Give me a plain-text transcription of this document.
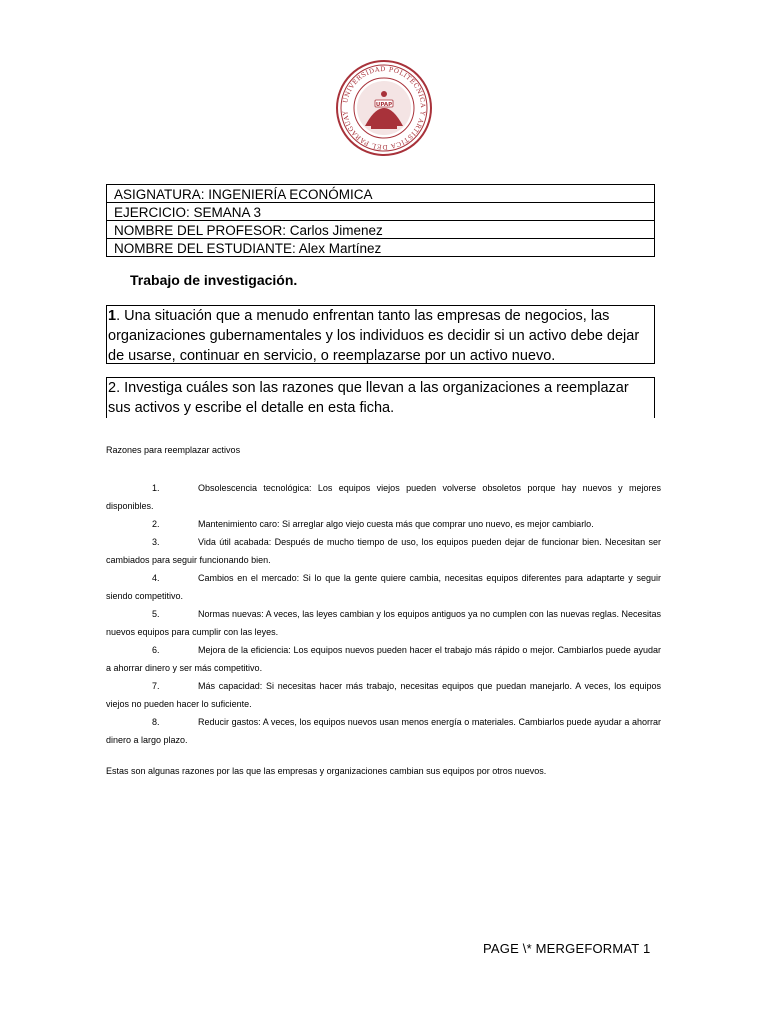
UNIVERSIDAD POLITÉCNICA Y ARTÍSTICA DEL PARAGUAY
UPAP
ASIGNATURA: INGENIERÍA ECONÓMICA
EJERCICIO: SEMANA 3
NOMBRE DEL PROFESOR: Carlos Jimenez
NOMBRE DEL ESTUDIANTE: Alex Martínez
Trabajo de investigación.

1. Una situación que a menudo enfrentan tanto las empresas de negocios, las organizaciones gubernamentales y los individuos es decidir si un activo debe dejar de usarse, continuar en servicio, o reemplazarse por un activo nuevo.

2. Investiga cuáles son las razones que llevan a las organizaciones a reemplazar sus activos y escribe el detalle en esta ficha.

Razones para reemplazar activos
1.	Obsolescencia tecnológica: Los equipos viejos pueden volverse obsoletos porque hay nuevos y mejores disponibles.
2.	Mantenimiento caro: Si arreglar algo viejo cuesta más que comprar uno nuevo, es mejor cambiarlo.
3.	Vida útil acabada: Después de mucho tiempo de uso, los equipos pueden dejar de funcionar bien. Necesitan ser cambiados para seguir funcionando bien.
4.	Cambios en el mercado: Si lo que la gente quiere cambia, necesitas equipos diferentes para adaptarte y seguir siendo competitivo.
5.	Normas nuevas: A veces, las leyes cambian y los equipos antiguos ya no cumplen con las nuevas reglas. Necesitas nuevos equipos para cumplir con las leyes.
6.	Mejora de la eficiencia: Los equipos nuevos pueden hacer el trabajo más rápido o mejor. Cambiarlos puede ayudar a ahorrar dinero y ser más competitivo.
7.	Más capacidad: Si necesitas hacer más trabajo, necesitas equipos que puedan manejarlo. A veces, los equipos viejos no pueden hacer lo suficiente.
8.	Reducir gastos: A veces, los equipos nuevos usan menos energía o materiales. Cambiarlos puede ayudar a ahorrar dinero a largo plazo.
Estas son algunas razones por las que las empresas y organizaciones cambian sus equipos por otros nuevos.
PAGE \* MERGEFORMAT 1
